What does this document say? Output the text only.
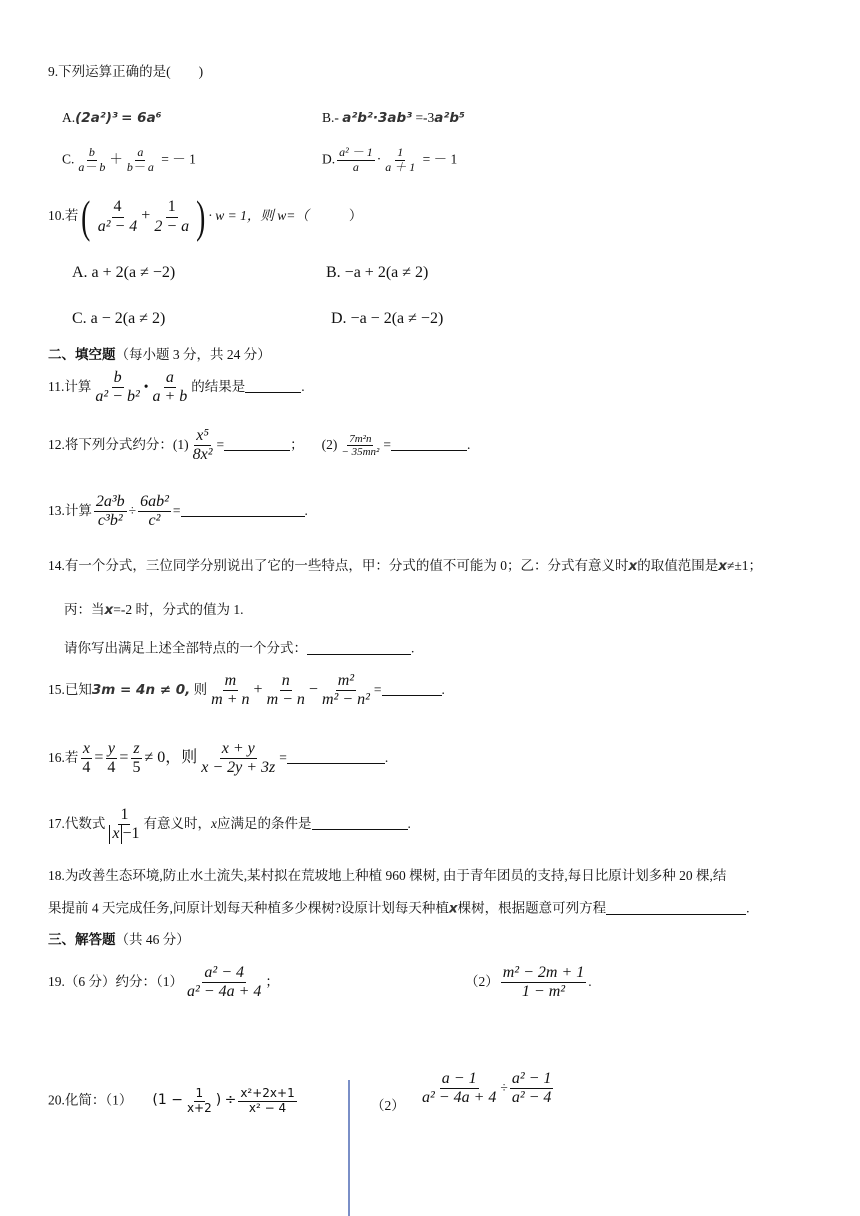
9.下列运算正确的是( )
A.(2a²)³ = 6a⁶	B.- a²b²·3ab³ =-3a²b⁵
C. $\frac{b}{a- b} + \frac{a}{b- a}$ = － 1	D. $\frac{\text{a² － 1}}{a} \cdot \frac{1}{a + 1}$ = － 1
10.若( $\frac{4}{\text{a² − 4}} + \frac{1}{2 - a}$ ) · w = 1，则 w=（	）
A. a + 2(a ≠ −2)	B. −a + 2(a ≠ 2)
C. a − 2(a ≠ 2)	D. −a − 2(a ≠ −2)
二、填空题（每小题 3 分，共 24 分）
11.计算 $\frac{b}{\text{a² − b²}}$ • $\frac{a}{a + b}$ 的结果是	.
12.将下列分式约分：$(1) \frac{\text{x⁵}}{\text{8x²}}$ =	； $(2) \frac{\text{7m²n}}{\text{− 35mn²}}$ =	.
13.计算 $\frac{\text{2a³b}}{\text{c³b²}} \div \frac{\text{6ab²}}{\text{c²}}$ =	.
14.有一个分式，三位同学分别说出了它的一些特点，甲：分式的值不可能为 0；乙：分式有意义时x的取值范围是x≠±1；
丙：当x=-2 时，分式的值为 1.
请你写出满足上述全部特点的一个分式：	.
15.已知3m = 4n ≠ 0, 则 $\frac{m}{m + n} + \frac{n}{m - n} - \frac{\text{m²}}{\text{m² − n²}}$ =	.
16.若 $\frac{x}{4} = \frac{y}{4} = \frac{z}{5} \ne 0$，则 $\frac{x + y}{x - 2y + 3z}$ =	.
17.代数式 $\frac{1}{x -1}$ 有意义时，x应满足的条件是	.
18.为改善生态环境,防止水土流失,某村拟在荒坡地上种植 960 棵树, 由于青年团员的支持,每日比原计划多种 20 棵,结
果提前 4 天完成任务,问原计划每天种植多少棵树?设原计划每天种植x棵树，根据题意可列方程	.
三、解答题（共 46 分）
19.（6 分）约分：$(1) \frac{\text{a² − 4}}{\text{a² − 4a + 4}}$ ；	$(2) \frac{\text{m² − 2m + 1}}{\text{1 − m²}}$ .
20.化简：（1） ($1 - \frac{1}{x+2}$ ) ÷ $\frac{\text{x²+2x+1}}{\text{x² − 4}}$	$(2) \frac{a - 1}{\text{a² − 4a + 4}} \div \frac{\text{a² − 1}}{\text{a² − 4}}$
